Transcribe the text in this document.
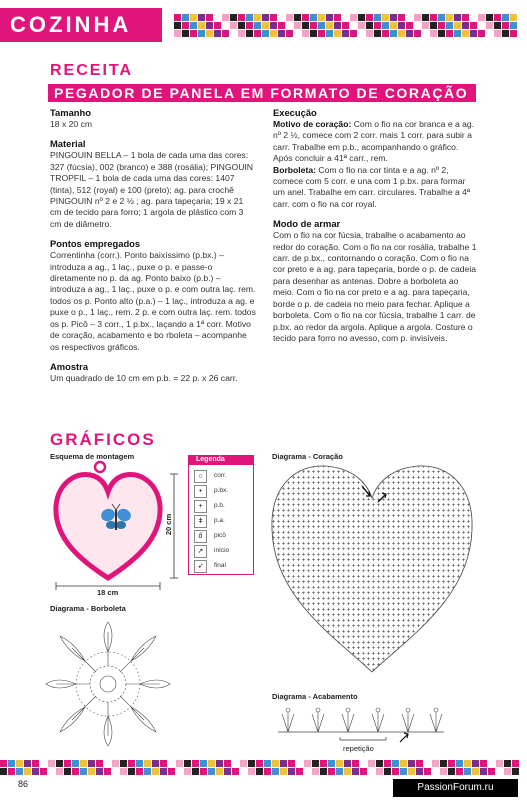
COZINHA
RECEITA
PEGADOR DE PANELA EM FORMATO DE CORAÇÃO
Tamanho

18 x 20 cm

Material

PINGOUIN BELLA – 1 bola de cada uma das cores: 327 (fúcsia), 002 (branco) e 388 (rosália); PINGOUIN TROPFIL – 1 bola de cada uma das cores: 1407 (tinta), 512 (royal) e 100 (preto); ag. para crochê PINGOUIN nº 2 e 2 ½ ; ag. para tapeçaria; 19 x 21 cm de tecido para forro; 1 argola de plástico com 3 cm de diâmetro.

Pontos empregados

Correntinha (corr.). Ponto baixíssimo (p.bx.) – introduza a ag., 1 laç., puxe o p. e passe-o diretamente no p. da ag. Ponto baixo (p.b.) – introduza a ag., 1 laç., puxe o p. e com outra laç. rem. todos os p. Ponto alto (p.a.) – 1 laç., introduza a ag. e puxe o p., 1 laç., rem. 2 p. e com outra laç. rem. todos os p. Picô – 3 corr., 1 p.bx., laçando a 1ª corr. Motivo de coração, acabamento e bo rboleta – acompanhe os respectivos gráficos.

Amostra

Um quadrado de 10 cm em p.b. = 22 p. x 26 carr.

Execução

Motivo de coração: Com o fio na cor branca e a ag. nº 2 ½, comece com 2 corr. mais 1 corr. para subir a carr. Trabalhe em p.b., acompanhando o gráfico. Após concluir a 41ª carr., rem.

Borboleta: Com o fio na cor tinta e a ag. nº 2, comece com 5 corr. e una com 1 p.bx. para formar um anel. Trabalhe em carr. circulares. Trabalhe a 4ª carr. com o fio na cor royal.

Modo de armar

Com o fio na cor fúcsia, trabalhe o acabamento ao redor do coração. Com o fio na cor rosália, trabalhe 1 carr. de p.bx., contornando o coração. Com o fio na cor preto e a ag. para tapeçaria, borde o p. de cadeia para desenhar as antenas. Dobre a borboleta ao meio. Com o fio na cor preto e a ag. para tapeçaria, borde o p. de cadeia no meio para fechar. Aplique a borboleta. Com o fio na cor fúcsia, trabalhe 1 carr. de p.bx. ao redor da argola. Aplique a argola. Costure o tecido para forro no avesso, com p. invisíveis.

GRÁFICOS
Esquema de montagem
18 cm
20 cm
Legenda
○	corr.
•	p.bx.
+	p.b.
ǂ	p.a.
ő	picô
➚	início
➶	final
Diagrama - Coração
Diagrama - Borboleta
Diagrama - Acabamento
repetição
86	PassionForum.ru
